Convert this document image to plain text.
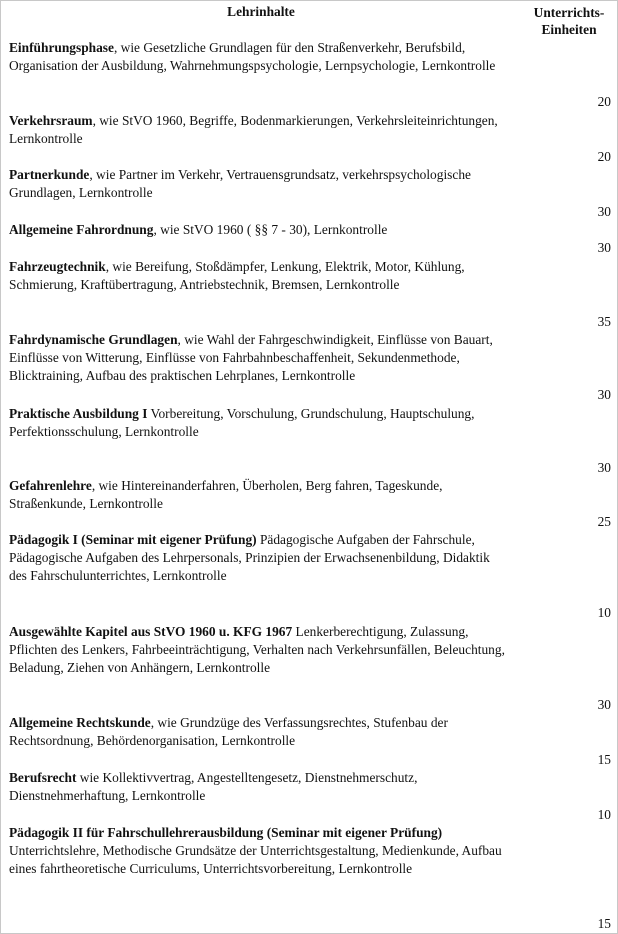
Lehrinhalte	Unterrichts-
Einheiten
Einführungsphase, wie Gesetzliche Grundlagen für den Straßenverkehr, Berufsbild, Organisation der Ausbildung, Wahrnehmungspsychologie, Lernpsychologie, Lernkontrolle
20
Verkehrsraum, wie StVO 1960, Begriffe, Bodenmarkierungen, Verkehrsleiteinrichtungen, Lernkontrolle
20
Partnerkunde, wie Partner im Verkehr, Vertrauensgrundsatz, verkehrspsychologische Grundlagen, Lernkontrolle
30
Allgemeine Fahrordnung, wie StVO 1960 ( §§ 7 - 30), Lernkontrolle
30
Fahrzeugtechnik, wie Bereifung, Stoßdämpfer, Lenkung, Elektrik, Motor, Kühlung, Schmierung, Kraftübertragung, Antriebstechnik, Bremsen, Lernkontrolle
35
Fahrdynamische Grundlagen, wie Wahl der Fahrgeschwindigkeit, Einflüsse von Bauart, Einflüsse von Witterung, Einflüsse von Fahrbahnbeschaffenheit, Sekundenmethode, Blicktraining, Aufbau des praktischen Lehrplanes, Lernkontrolle
30
Praktische Ausbildung I Vorbereitung, Vorschulung, Grundschulung, Hauptschulung, Perfektionsschulung, Lernkontrolle
30
Gefahrenlehre, wie Hintereinanderfahren, Überholen, Berg fahren, Tageskunde, Straßenkunde, Lernkontrolle
25
Pädagogik I (Seminar mit eigener Prüfung) Pädagogische Aufgaben der Fahrschule, Pädagogische Aufgaben des Lehrpersonals, Prinzipien der Erwachsenenbildung, Didaktik des Fahrschulunterrichtes, Lernkontrolle
10
Ausgewählte Kapitel aus StVO 1960 u. KFG 1967 Lenkerberechtigung, Zulassung, Pflichten des Lenkers, Fahrbeeinträchtigung, Verhalten nach Verkehrsunfällen, Beleuchtung, Beladung, Ziehen von Anhängern, Lernkontrolle
30
Allgemeine Rechtskunde, wie Grundzüge des Verfassungsrechtes, Stufenbau der Rechtsordnung, Behördenorganisation, Lernkontrolle
15
Berufsrecht wie Kollektivvertrag, Angestelltengesetz, Dienstnehmerschutz, Dienstnehmerhaftung, Lernkontrolle
10
Pädagogik II für Fahrschullehrerausbildung (Seminar mit eigener Prüfung) Unterrichtslehre, Methodische Grundsätze der Unterrichtsgestaltung, Medienkunde, Aufbau eines fahrtheoretische Curriculums, Unterrichtsvorbereitung, Lernkontrolle
15
